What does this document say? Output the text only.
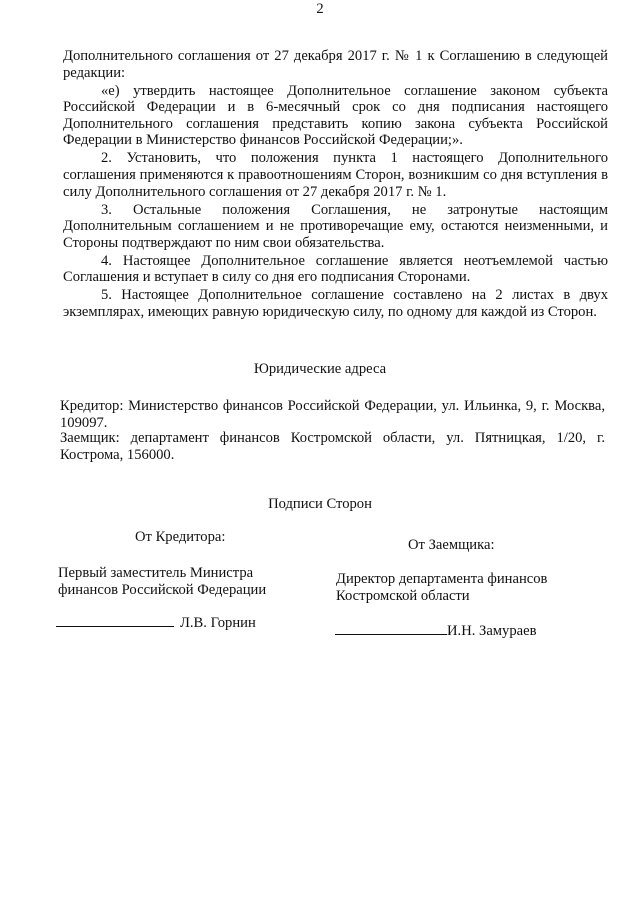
2

Дополнительного соглашения от 27 декабря 2017 г. № 1 к Соглашению в следующей редакции:

«е) утвердить настоящее Дополнительное соглашение законом субъекта Российской Федерации и в 6-месячный срок со дня подписания настоящего Дополнительного соглашения представить копию закона субъекта Российской Федерации в Министерство финансов Российской Федерации;».

2. Установить, что положения пункта 1 настоящего Дополнительного соглашения применяются к правоотношениям Сторон, возникшим со дня вступления в силу Дополнительного соглашения от 27 декабря 2017 г. № 1.

3. Остальные положения Соглашения, не затронутые настоящим Дополнительным соглашением и не противоречащие ему, остаются неизменными, и Стороны подтверждают по ним свои обязательства.

4. Настоящее Дополнительное соглашение является неотъемлемой частью Соглашения и вступает в силу со дня его подписания Сторонами.

5. Настоящее Дополнительное соглашение составлено на 2 листах в двух экземплярах, имеющих равную юридическую силу, по одному для каждой из Сторон.

Юридические адреса
Кредитор: Министерство финансов Российской Федерации, ул. Ильинка, 9, г. Москва, 109097.
Заемщик: департамент финансов Костромской области, ул. Пятницкая, 1/20, г. Кострома, 156000.
Подписи Сторон
От Кредитора:	От Заемщика:
Первый заместитель Министра
финансов Российской Федерации
Директор департамента финансов
Костромской области
Л.В. Горнин	И.Н. Замураев
